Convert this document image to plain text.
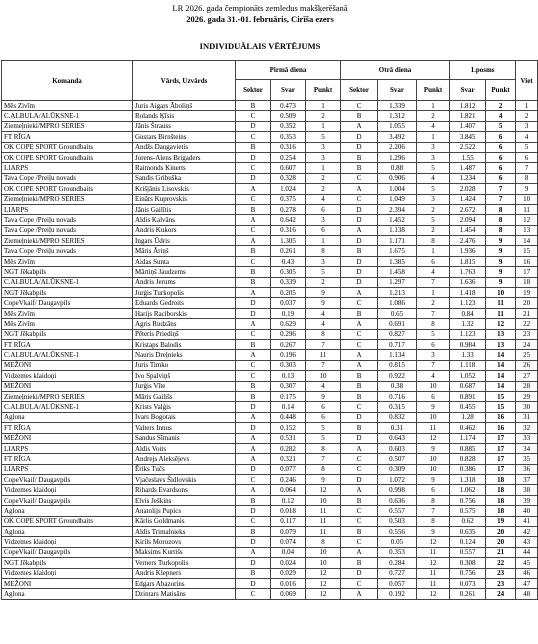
LR 2026. gada čempionāts zemledus makšķerēšanā
2026. gada 31.-01. februāris, Cirīša ezers
INDIVIDUĀLAIS VĒRTĒJUMS
Komanda	Vārds, Uzvārds	Pirmā diena			Otrā diena			1.posms		Viet
		Sektor	Svar	Punkt	Sektor	Svar	Punkt	Svar	Punkt	
Mēs Zivīm	Juris Aigars Āboliņš	B	0.473	1	C	1.339	1	1.812	2	1
C.ALBULA/ALŪKSNE-1	Rolands Ķīsis	C	0.509	2	B	1.312	2	1.821	4	2
Ziemeļnieki/MPRO SERIES	Jānis Štrauss	D	0.352	1	A	1.055	4	1.407	5	3
FT RĪGA	Gustars Birnšteins	C	0.353	5	D	3.492	1	3.845	6	4
OK COPE SPORT Groundbaits	Andžs Daugavietis	B	0.316	3	D	2.206	3	2.522	6	5
OK COPE SPORT Groundbaits	Jorens-Alens Brigaders	D	0.254	3	B	1.296	3	1.55	6	6
LIARPS	Raimonds Kinerts	C	0.607	1	B	0.88	5	1.487	6	7
Tava Cope /Preiļu novads	Sandis Gribuška	D	0.328	2	C	0.906	4	1.234	6	8
OK COPE SPORT Groundbaits	Krišjānis Lisovskis	A	1.024	2	A	1.004	5	2.028	7	9
Ziemeļnieki/MPRO SERIES	Einārs Kuprovskis	C	0.375	4	C	1.049	3	1.424	7	10
LIARPS	Jānis Gailītis	B	0.278	6	D	2.394	2	2.672	8	11
Tava Cope /Preiļu novads	Aldis Kalvāns	A	0.642	3	D	1.452	5	2.094	8	12
Tava Cope /Preiļu novads	Andris Kukors	C	0.316	6	A	1.138	2	1.454	8	13
Ziemeļnieki/MPRO SERIES	Ingars Ūdris	A	1.305	1	D	1.171	8	2.476	9	14
Tava Cope /Preiļu novads	Māris Āriņš	B	0.261	8	B	1.675	1	1.936	9	15
Mēs Zivīm	Aidas Sunta	C	0.43	3	D	1.385	6	1.815	9	16
NGT Jēkabpils	Mārtiņš Jaudzems	B	0.305	5	D	1.458	4	1.763	9	17
C.ALBULA/ALŪKSNE-1	Andris Jerums	B	0.339	2	D	1.297	7	1.636	9	18
NGT Jēkabpils	Jurģis Turkopolis	A	0.205	9	A	1.213	1	1.418	10	19
CopeVkaif/ Daugavpils	Eduards Gedroits	D	0.037	9	C	1.086	2	1.123	11	20
Mēs Zivīm	Harijs Raciborskis	D	0.19	4	B	0.65	7	0.84	11	21
Mēs Zivīm	Agris Rudzāns	A	0.629	4	A	0.691	8	1.32	12	22
NGT Jēkabpils	Pēteris Priediņš	C	0.296	8	C	0.827	5	1.123	13	23
FT RĪGA	Kristaps Balodis	B	0.267	7	C	0.717	6	0.984	13	24
C.ALBULA/ALŪKSNE-1	Nauris Dreļnieks	A	0.196	11	A	1.134	3	1.33	14	25
MEŽONI	Juris Timko	C	0.303	7	A	0.815	7	1.118	14	26
Vidzemes klaidoņi	Ivo Spalviņš	C	0.13	10	B	0.922	4	1.052	14	27
MEŽONI	Jurģis Vīte	B	0.307	4	B	0.38	10	0.687	14	28
Ziemeļnieki/MPRO SERIES	Māris Gailišs	B	0.175	9	B	0.716	6	0.891	15	29
C.ALBULA/ALŪKSNE-1	Krists Valģis	D	0.14	6	C	0.315	9	0.455	15	30
Aglona	Ivars Bogotais	A	0.448	6	D	0.832	10	1.28	16	31
FT RĪGA	Valters Innus	D	0.152	5	B	0.31	11	0.462	16	32
MEŽONI	Sandus Sīmanis	A	0.531	5	D	0.643	12	1.174	17	33
LIARPS	Aldis Voits	A	0.282	8	A	0.603	9	0.885	17	34
FT RĪGA	Andrejs Aleksējevs	A	0.321	7	C	0.507	10	0.828	17	35
LIARPS	Ēriks Tučs	D	0.077	8	C	0.309	10	0.386	17	36
CopeVkaif/ Daugavpils	Vjačeslavs Šidlovskis	C	0.246	9	D	1.072	9	1.318	18	37
Vidzemes klaidoņi	Rihards Evardsons	A	0.064	12	A	0.998	6	1.062	18	38
CopeVkaif/ Daugavpils	Elvis Ješkins	B	0.12	10	B	0.636	8	0.756	18	39
Aglona	Anatolijs Pupics	D	0.018	11	C	0.557	7	0.575	18	40
OK COPE SPORT Groundbaits	Kārlis Goldmanis	C	0.117	11	C	0.503	8	0.62	19	41
Aglona	Aldis Trimalnieks	B	0.079	11	B	0.556	9	0.635	20	42
Vidzemes klaidoņi	Kirils Morozovs	D	0.074	8	C	0.05	12	0.124	20	43
CopeVkaif/ Daugavpils	Maksims Kurtišs	A	0.04	10	A	0.353	11	0.557	21	44
NGT Jēkabpils	Verners Turkopolis	D	0.024	10	B	0.284	12	0.308	22	45
Vidzemes klaidoņi	Andris Klepners	B	0.029	12	D	0.727	11	0.756	23	46
MEŽONI	Edgars Abazorins	D	0.016	12	C	0.057	11	0.073	23	47
Aglona	Dzintars Matisāns	C	0.069	12	A	0.192	12	0.261	24	48
